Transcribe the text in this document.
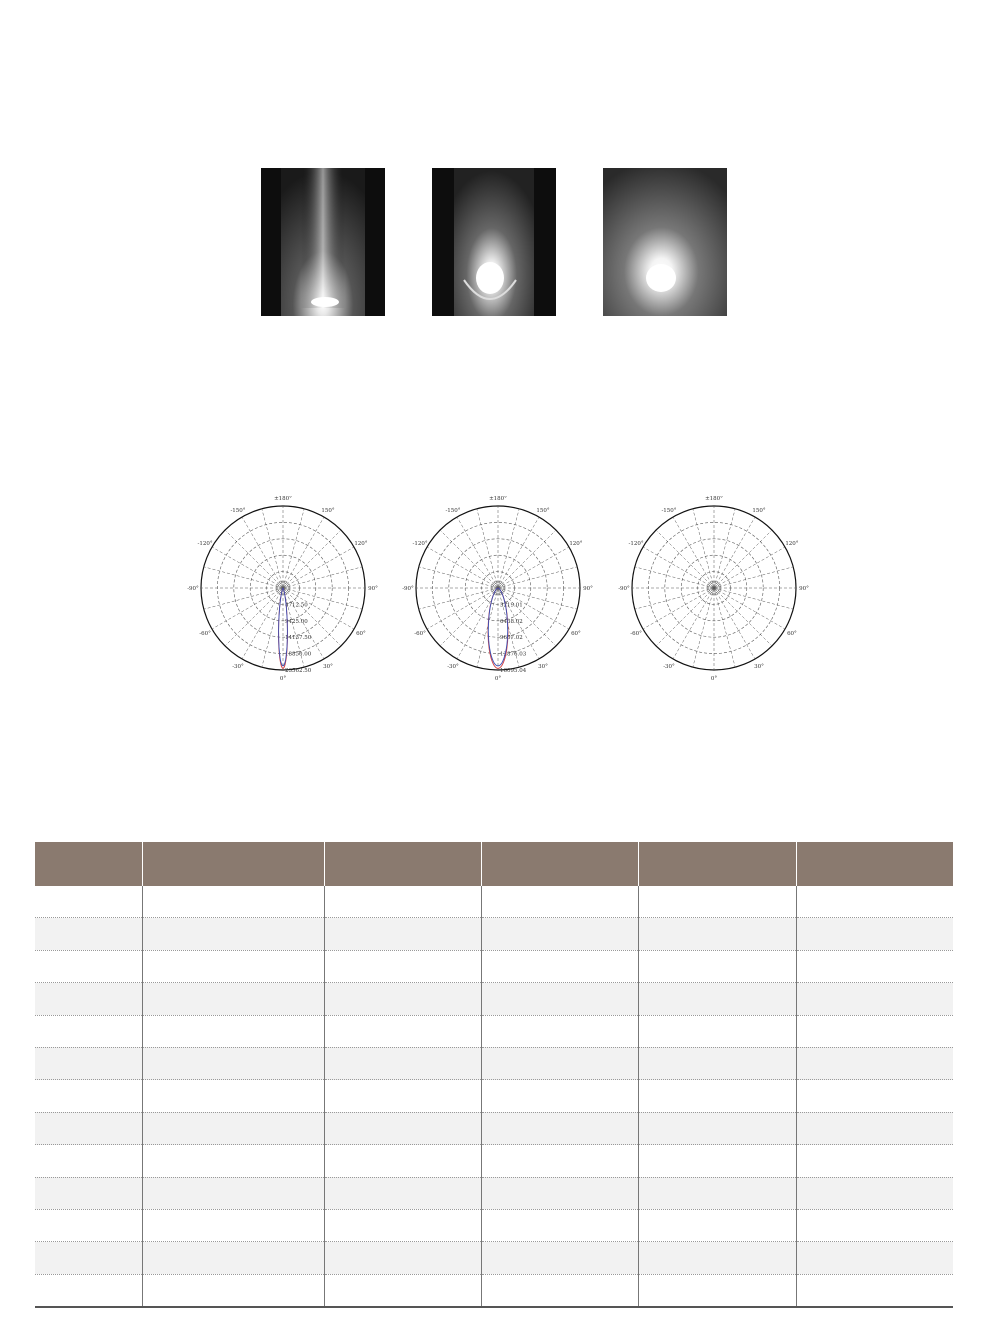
±180°
-150°	150°
-120°	120°
-90°	90°
-60°	60°
-30°	30°
0°
4712.50
9425.00
14137.50
18850.00
23562.50
±180°
-150°	150°
-120°	120°
-90°	90°
-60°	60°
-30°	30°
0°
3219.01
6438.02
9657.02
12876.03
16095.04
±180°
-150°	150°
-120°	120°
-90°	90°
-60°	60°
-30°	30°
0°
